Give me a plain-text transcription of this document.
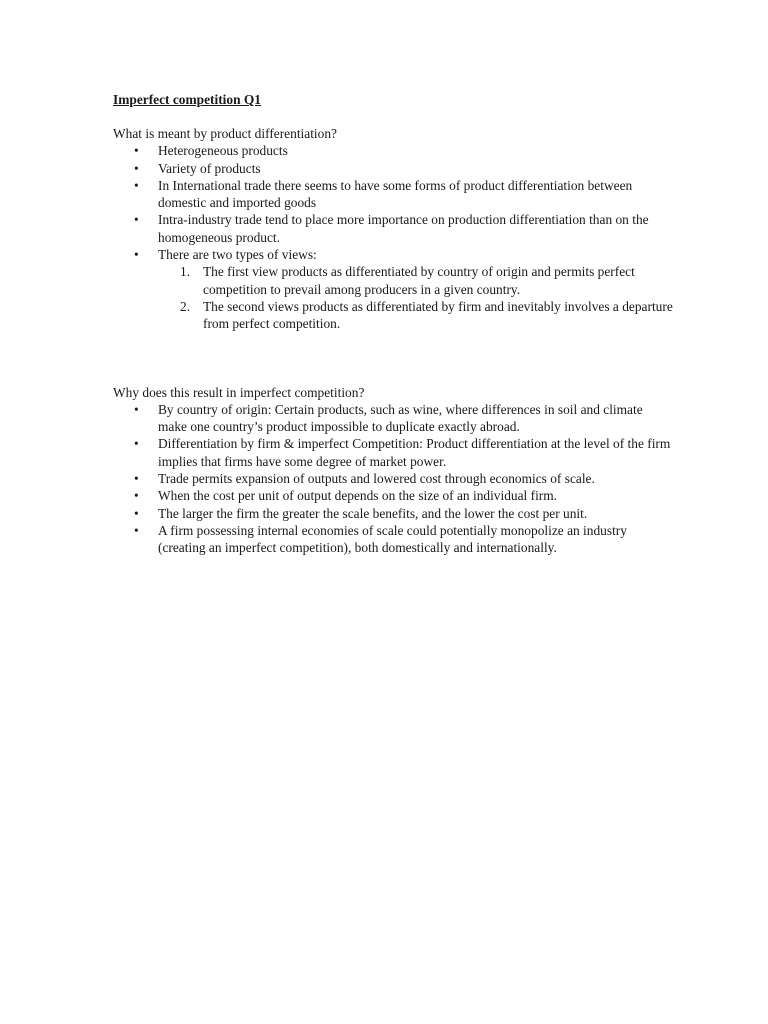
Imperfect competition Q1

What is meant by product differentiation?

• Heterogeneous products
• Variety of products
• In International trade there seems to have some forms of product differentiation between domestic and imported goods
• Intra-industry trade tend to place more importance on production differentiation than on the homogeneous product.
• There are two types of views:
1. The first view products as differentiated by country of origin and permits perfect competition to prevail among producers in a given country.
2. The second views products as differentiated by firm and inevitably involves a departure from perfect competition.

Why does this result in imperfect competition?

• By country of origin: Certain products, such as wine, where differences in soil and climate make one country’s product impossible to duplicate exactly abroad.
• Differentiation by firm & imperfect Competition: Product differentiation at the level of the firm implies that firms have some degree of market power.
• Trade permits expansion of outputs and lowered cost through economics of scale.
• When the cost per unit of output depends on the size of an individual firm.
• The larger the firm the greater the scale benefits, and the lower the cost per unit.
• A firm possessing internal economies of scale could potentially monopolize an industry (creating an imperfect competition), both domestically and internationally.
